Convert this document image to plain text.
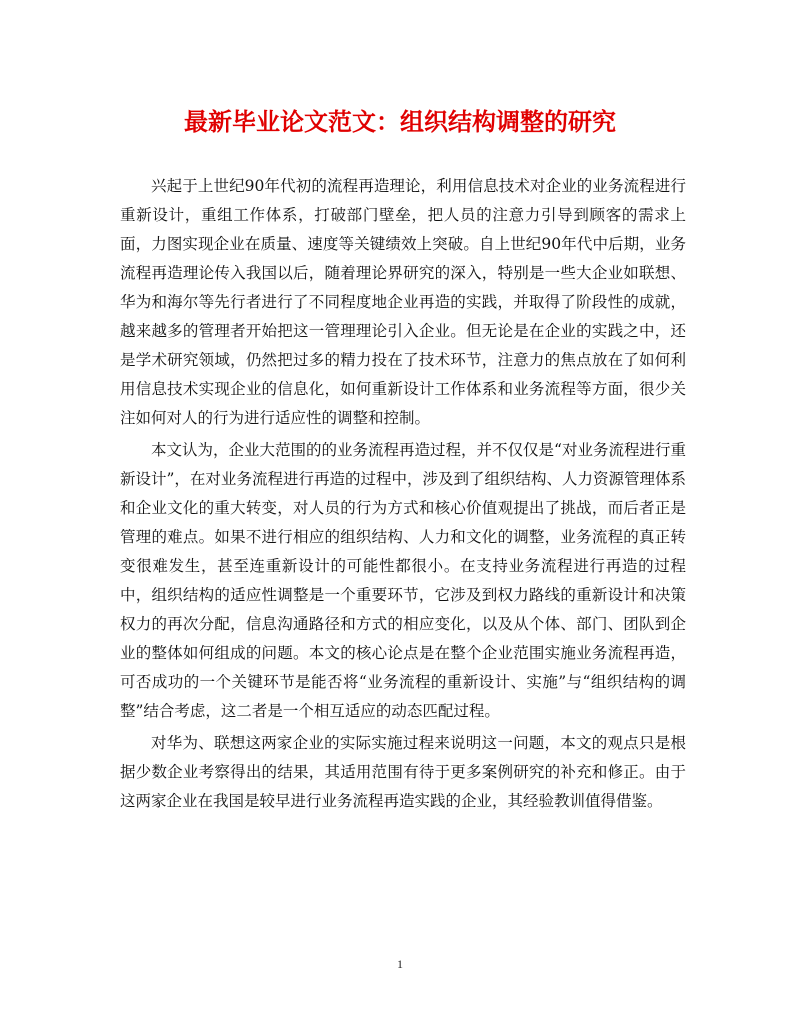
最新毕业论文范文：组织结构调整的研究

兴起于上世纪90年代初的流程再造理论，利用信息技术对企业的业务流程进行重新设计，重组工作体系，打破部门壁垒，把人员的注意力引导到顾客的需求上面，力图实现企业在质量、速度等关键绩效上突破。自上世纪90年代中后期，业务流程再造理论传入我国以后，随着理论界研究的深入，特别是一些大企业如联想、华为和海尔等先行者进行了不同程度地企业再造的实践，并取得了阶段性的成就，越来越多的管理者开始把这一管理理论引入企业。但无论是在企业的实践之中，还是学术研究领域，仍然把过多的精力投在了技术环节，注意力的焦点放在了如何利用信息技术实现企业的信息化，如何重新设计工作体系和业务流程等方面，很少关注如何对人的行为进行适应性的调整和控制。

本文认为，企业大范围的的业务流程再造过程，并不仅仅是“对业务流程进行重新设计”，在对业务流程进行再造的过程中，涉及到了组织结构、人力资源管理体系和企业文化的重大转变，对人员的行为方式和核心价值观提出了挑战，而后者正是管理的难点。如果不进行相应的组织结构、人力和文化的调整，业务流程的真正转变很难发生，甚至连重新设计的可能性都很小。在支持业务流程进行再造的过程中，组织结构的适应性调整是一个重要环节，它涉及到权力路线的重新设计和决策权力的再次分配，信息沟通路径和方式的相应变化，以及从个体、部门、团队到企业的整体如何组成的问题。本文的核心论点是在整个企业范围实施业务流程再造，可否成功的一个关键环节是能否将“业务流程的重新设计、实施”与“组织结构的调整”结合考虑，这二者是一个相互适应的动态匹配过程。

对华为、联想这两家企业的实际实施过程来说明这一问题，本文的观点只是根据少数企业考察得出的结果，其适用范围有待于更多案例研究的补充和修正。由于这两家企业在我国是较早进行业务流程再造实践的企业，其经验教训值得借鉴。

1
